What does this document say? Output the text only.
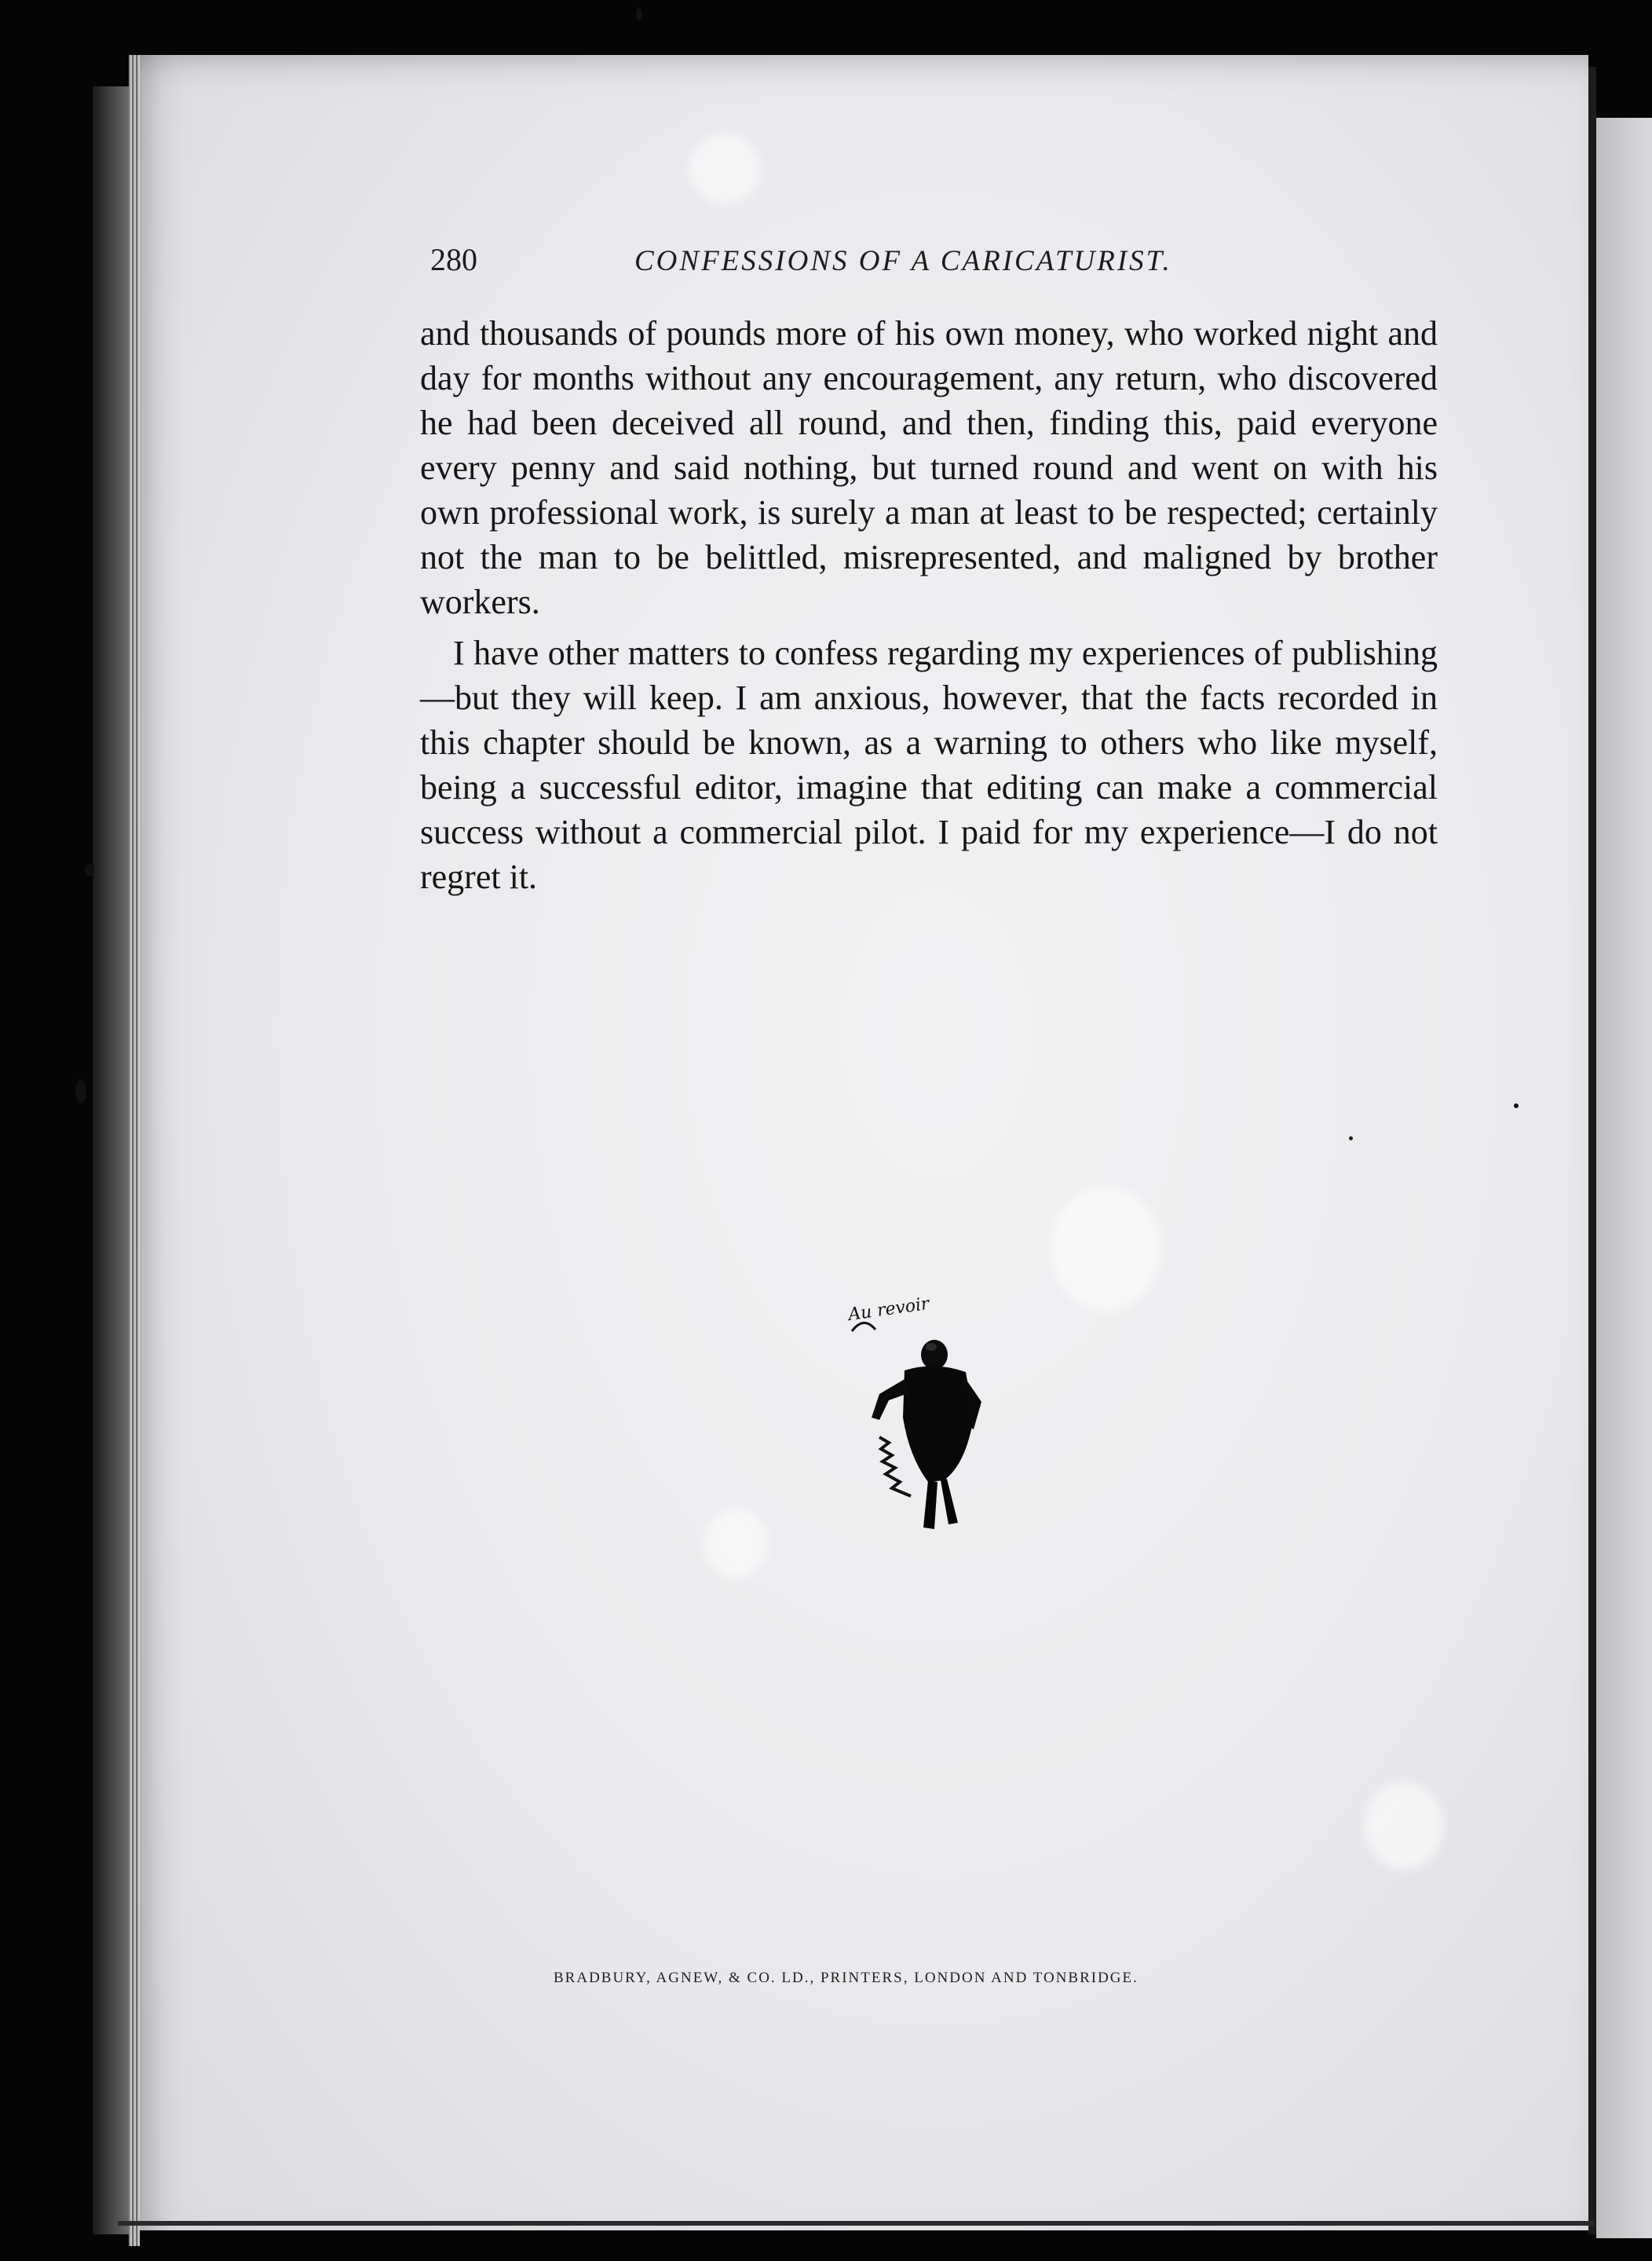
280	CONFESSIONS OF A CARICATURIST.

and thousands of pounds more of his own money, who worked night and day for months without any encouragement, any return, who discovered he had been deceived all round, and then, finding this, paid everyone every penny and said nothing, but turned round and went on with his own professional work, is surely a man at least to be respected; certainly not the man to be belittled, misrepresented, and maligned by brother workers.

I have other matters to confess regarding my experiences of publishing—but they will keep. I am anxious, however, that the facts recorded in this chapter should be known, as a warning to others who like myself, being a successful editor, imagine that editing can make a commercial success without a commercial pilot. I paid for my experience—I do not regret it.

Au revoir
BRADBURY, AGNEW, & CO. LD., PRINTERS, LONDON AND TONBRIDGE.
